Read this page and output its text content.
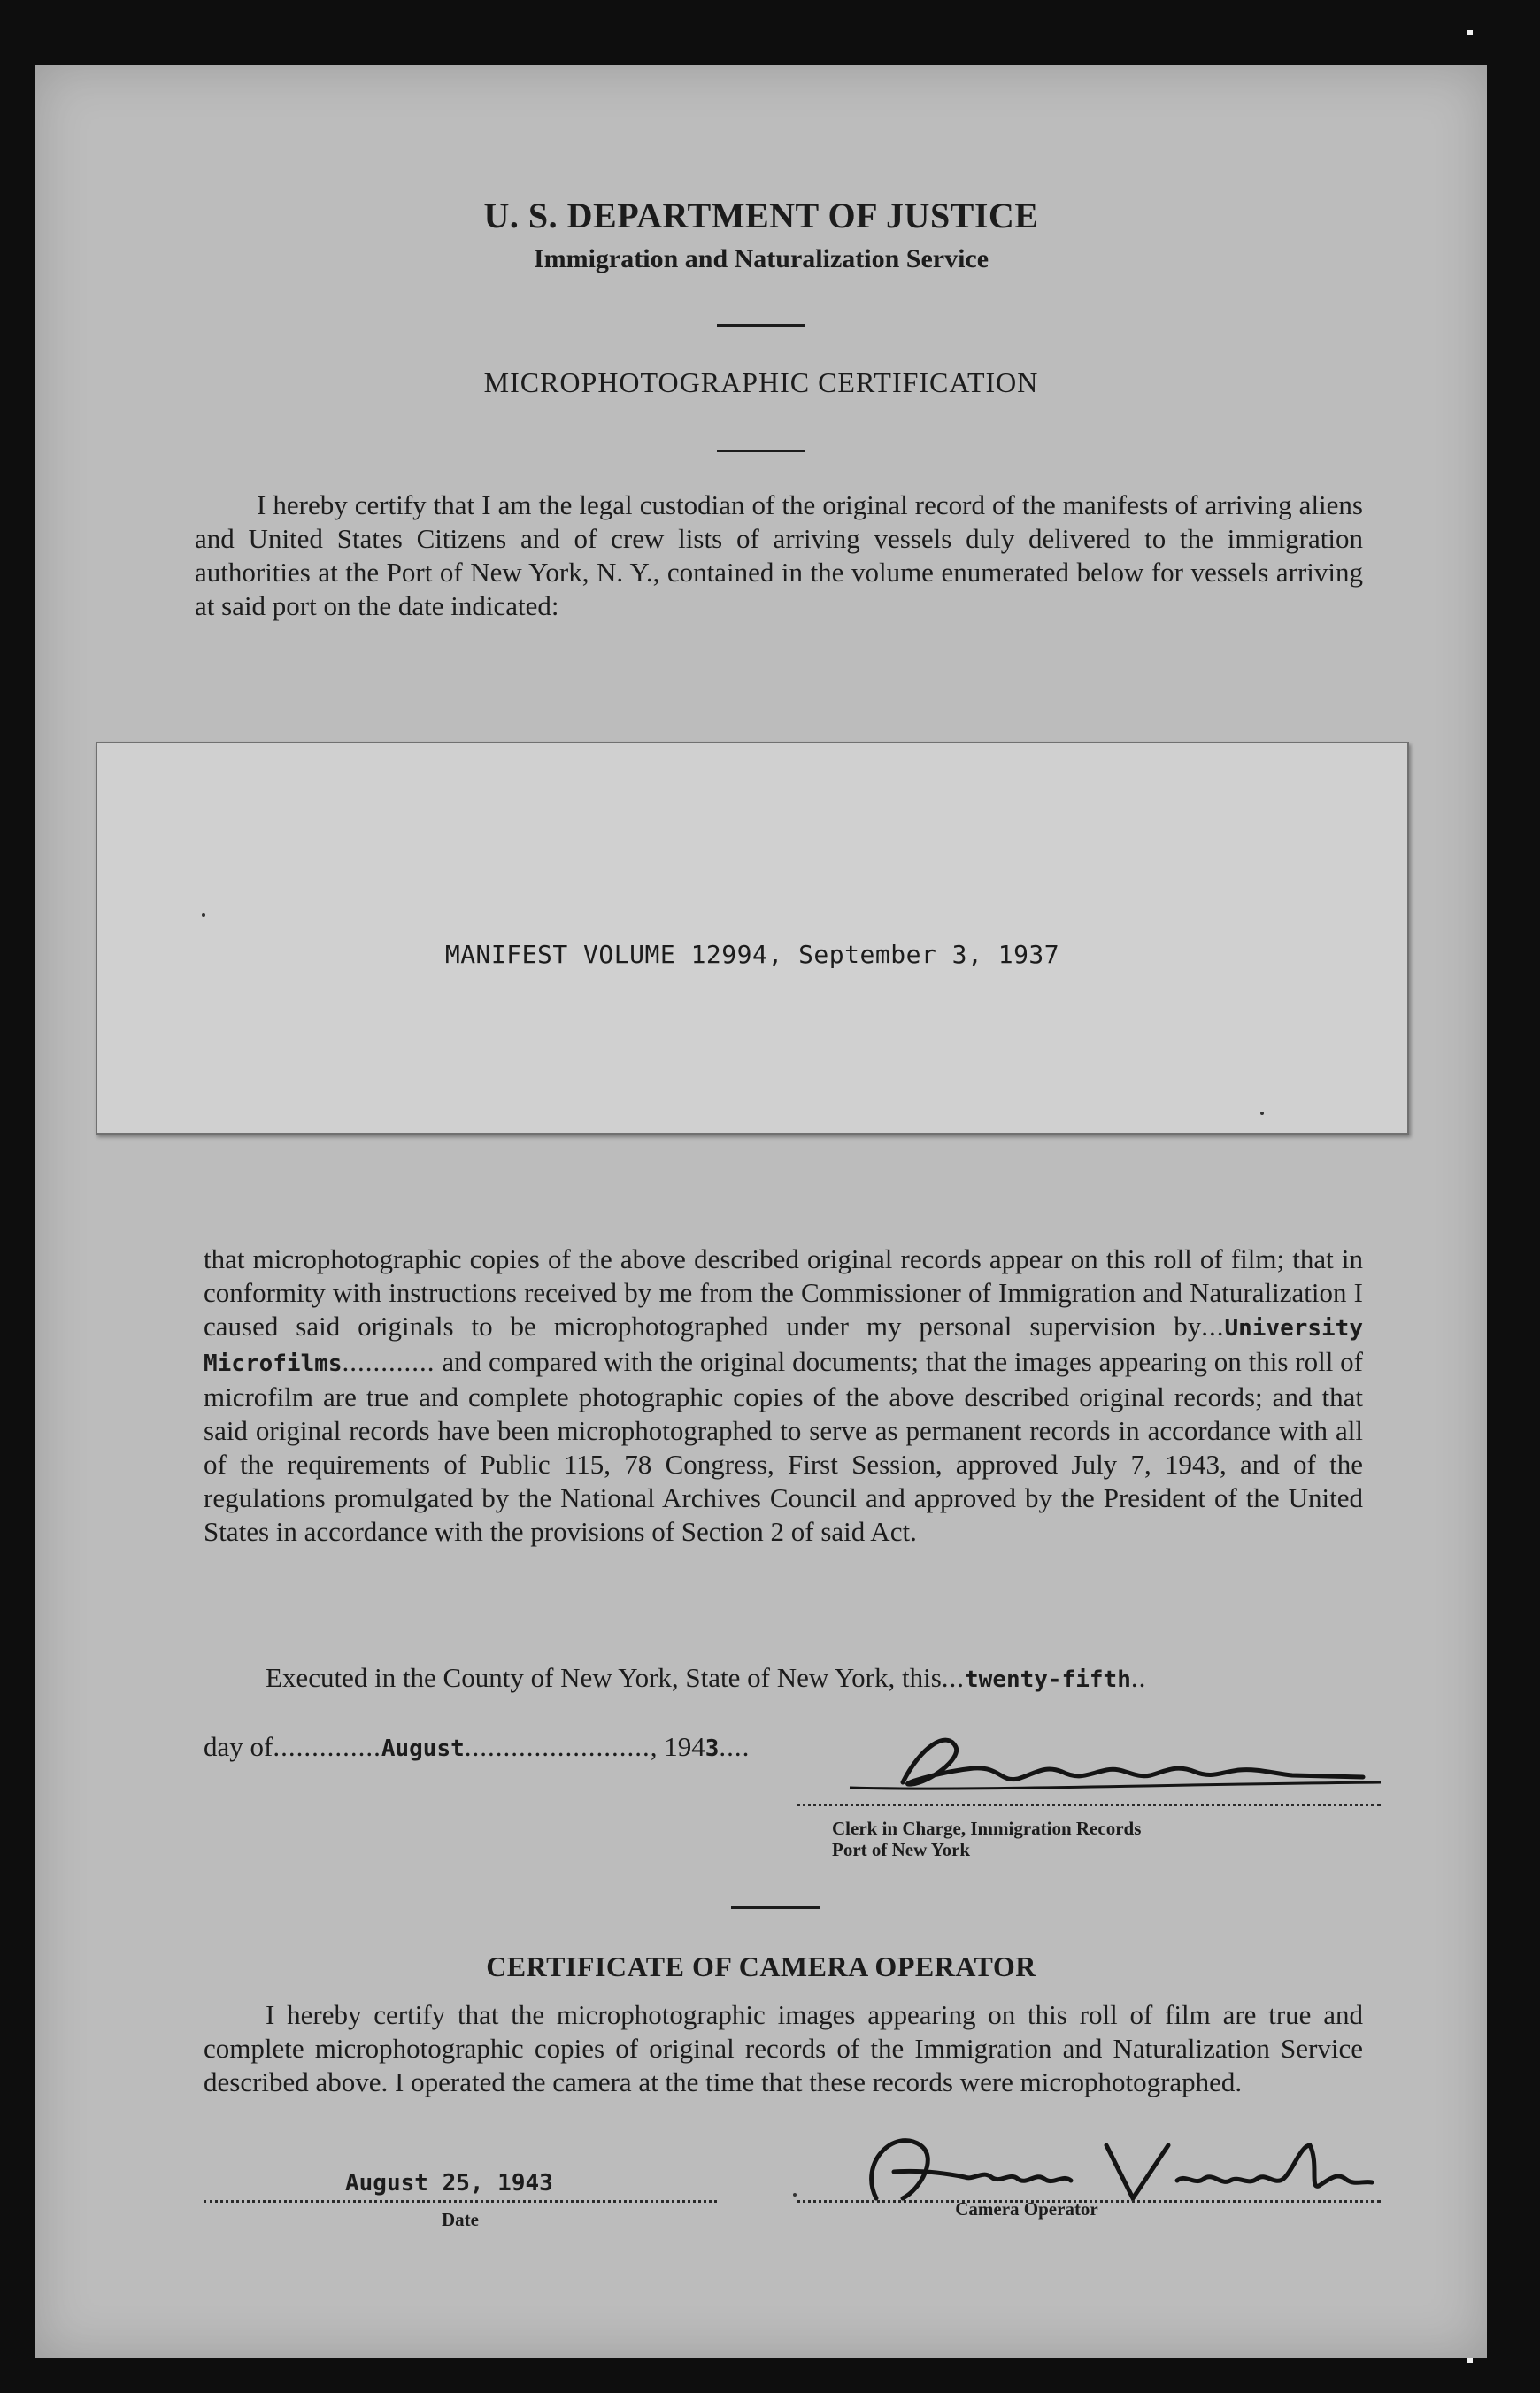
U. S. DEPARTMENT OF JUSTICE
Immigration and Naturalization Service
MICROPHOTOGRAPHIC CERTIFICATION
I hereby certify that I am the legal custodian of the original record of the manifests of arriving aliens and United States Citizens and of crew lists of arriving vessels duly delivered to the immigration authorities at the Port of New York, N. Y., contained in the volume enumerated below for vessels arriving at said port on the date indicated:
MANIFEST VOLUME 12994, September 3, 1937
that microphotographic copies of the above described original records appear on this roll of film; that in conformity with instructions received by me from the Commissioner of Immigration and Naturalization I caused said originals to be microphotographed under my personal supervision by...University Microfilms............ and compared with the original documents; that the images appearing on this roll of microfilm are true and complete photographic copies of the above described original records; and that said original records have been microphotographed to serve as permanent records in accordance with all of the requirements of Public 115, 78 Congress, First Session, approved July 7, 1943, and of the regulations promulgated by the National Archives Council and approved by the President of the United States in accordance with the provisions of Section 2 of said Act.
Executed in the County of New York, State of New York, this...twenty-fifth..
day of..............August........................, 1943....
Clerk in Charge, Immigration Records
Port of New York
CERTIFICATE OF CAMERA OPERATOR
I hereby certify that the microphotographic images appearing on this roll of film are true and complete microphotographic copies of original records of the Immigration and Naturalization Service described above. I operated the camera at the time that these records were microphotographed.
August 25, 1943
Date	Camera Operator
